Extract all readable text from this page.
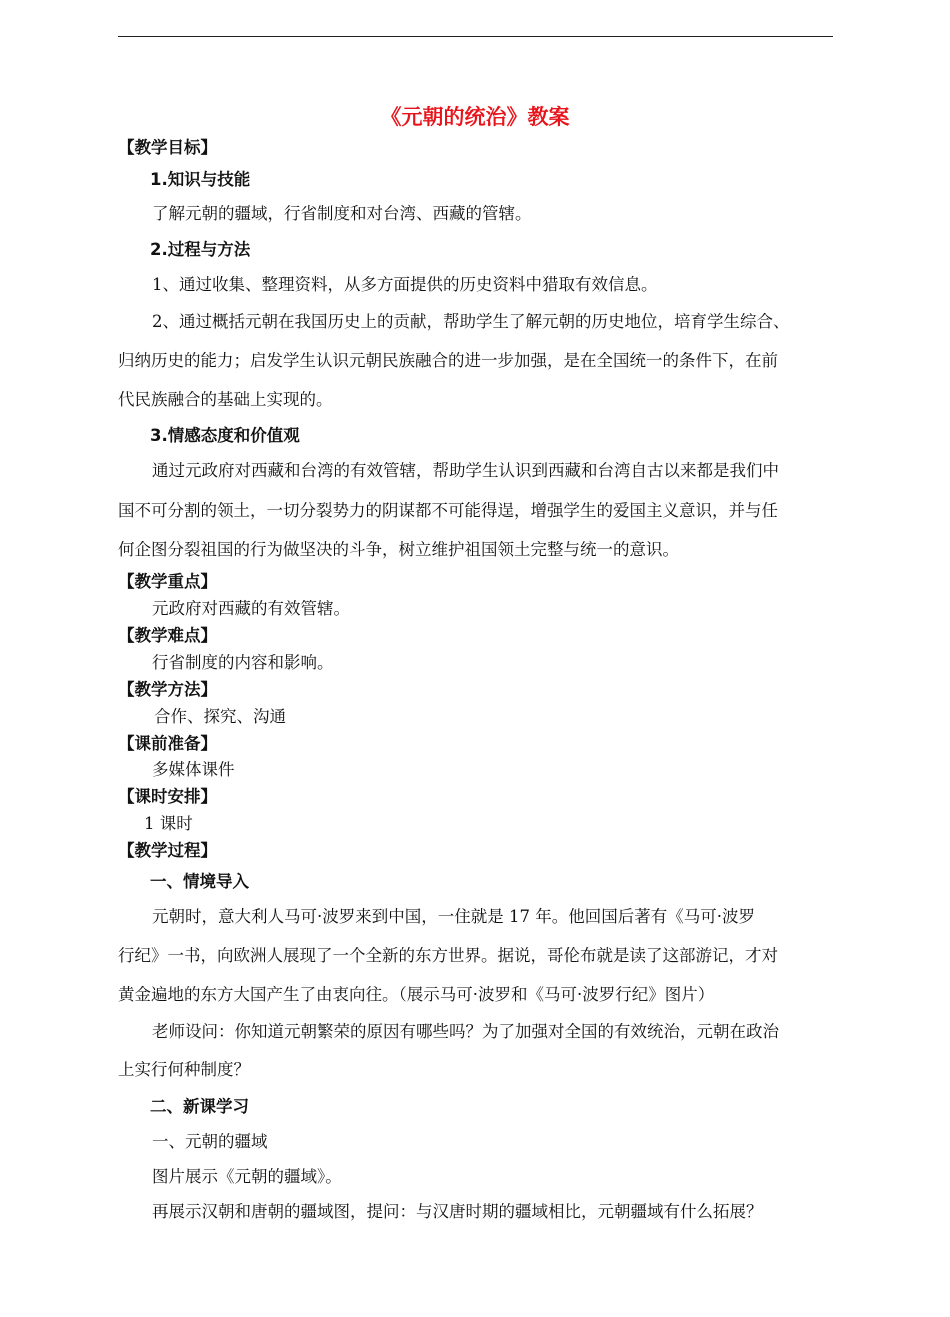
《元朝的统治》教案
【教学目标】
1.知识与技能
了解元朝的疆域，行省制度和对台湾、西藏的管辖。
2.过程与方法
1、通过收集、整理资料，从多方面提供的历史资料中猎取有效信息。
2、通过概括元朝在我国历史上的贡献，帮助学生了解元朝的历史地位，培育学生综合、
归纳历史的能力；启发学生认识元朝民族融合的进一步加强，是在全国统一的条件下，在前
代民族融合的基础上实现的。
3.情感态度和价值观
通过元政府对西藏和台湾的有效管辖，帮助学生认识到西藏和台湾自古以来都是我们中
国不可分割的领土，一切分裂势力的阴谋都不可能得逞，增强学生的爱国主义意识，并与任
何企图分裂祖国的行为做坚决的斗争，树立维护祖国领土完整与统一的意识。
【教学重点】
元政府对西藏的有效管辖。
【教学难点】
行省制度的内容和影响。
【教学方法】
合作、探究、沟通
【课前准备】
多媒体课件
【课时安排】
1 课时
【教学过程】
一、情境导入
元朝时，意大利人马可·波罗来到中国，一住就是 17 年。他回国后著有《马可·波罗
行纪》一书，向欧洲人展现了一个全新的东方世界。据说，哥伦布就是读了这部游记，才对
黄金遍地的东方大国产生了由衷向往。（展示马可·波罗和《马可·波罗行纪》图片）
老师设问：你知道元朝繁荣的原因有哪些吗？为了加强对全国的有效统治，元朝在政治
上实行何种制度？
二、新课学习
一、元朝的疆域
图片展示《元朝的疆域》。
再展示汉朝和唐朝的疆域图，提问：与汉唐时期的疆域相比，元朝疆域有什么拓展？
